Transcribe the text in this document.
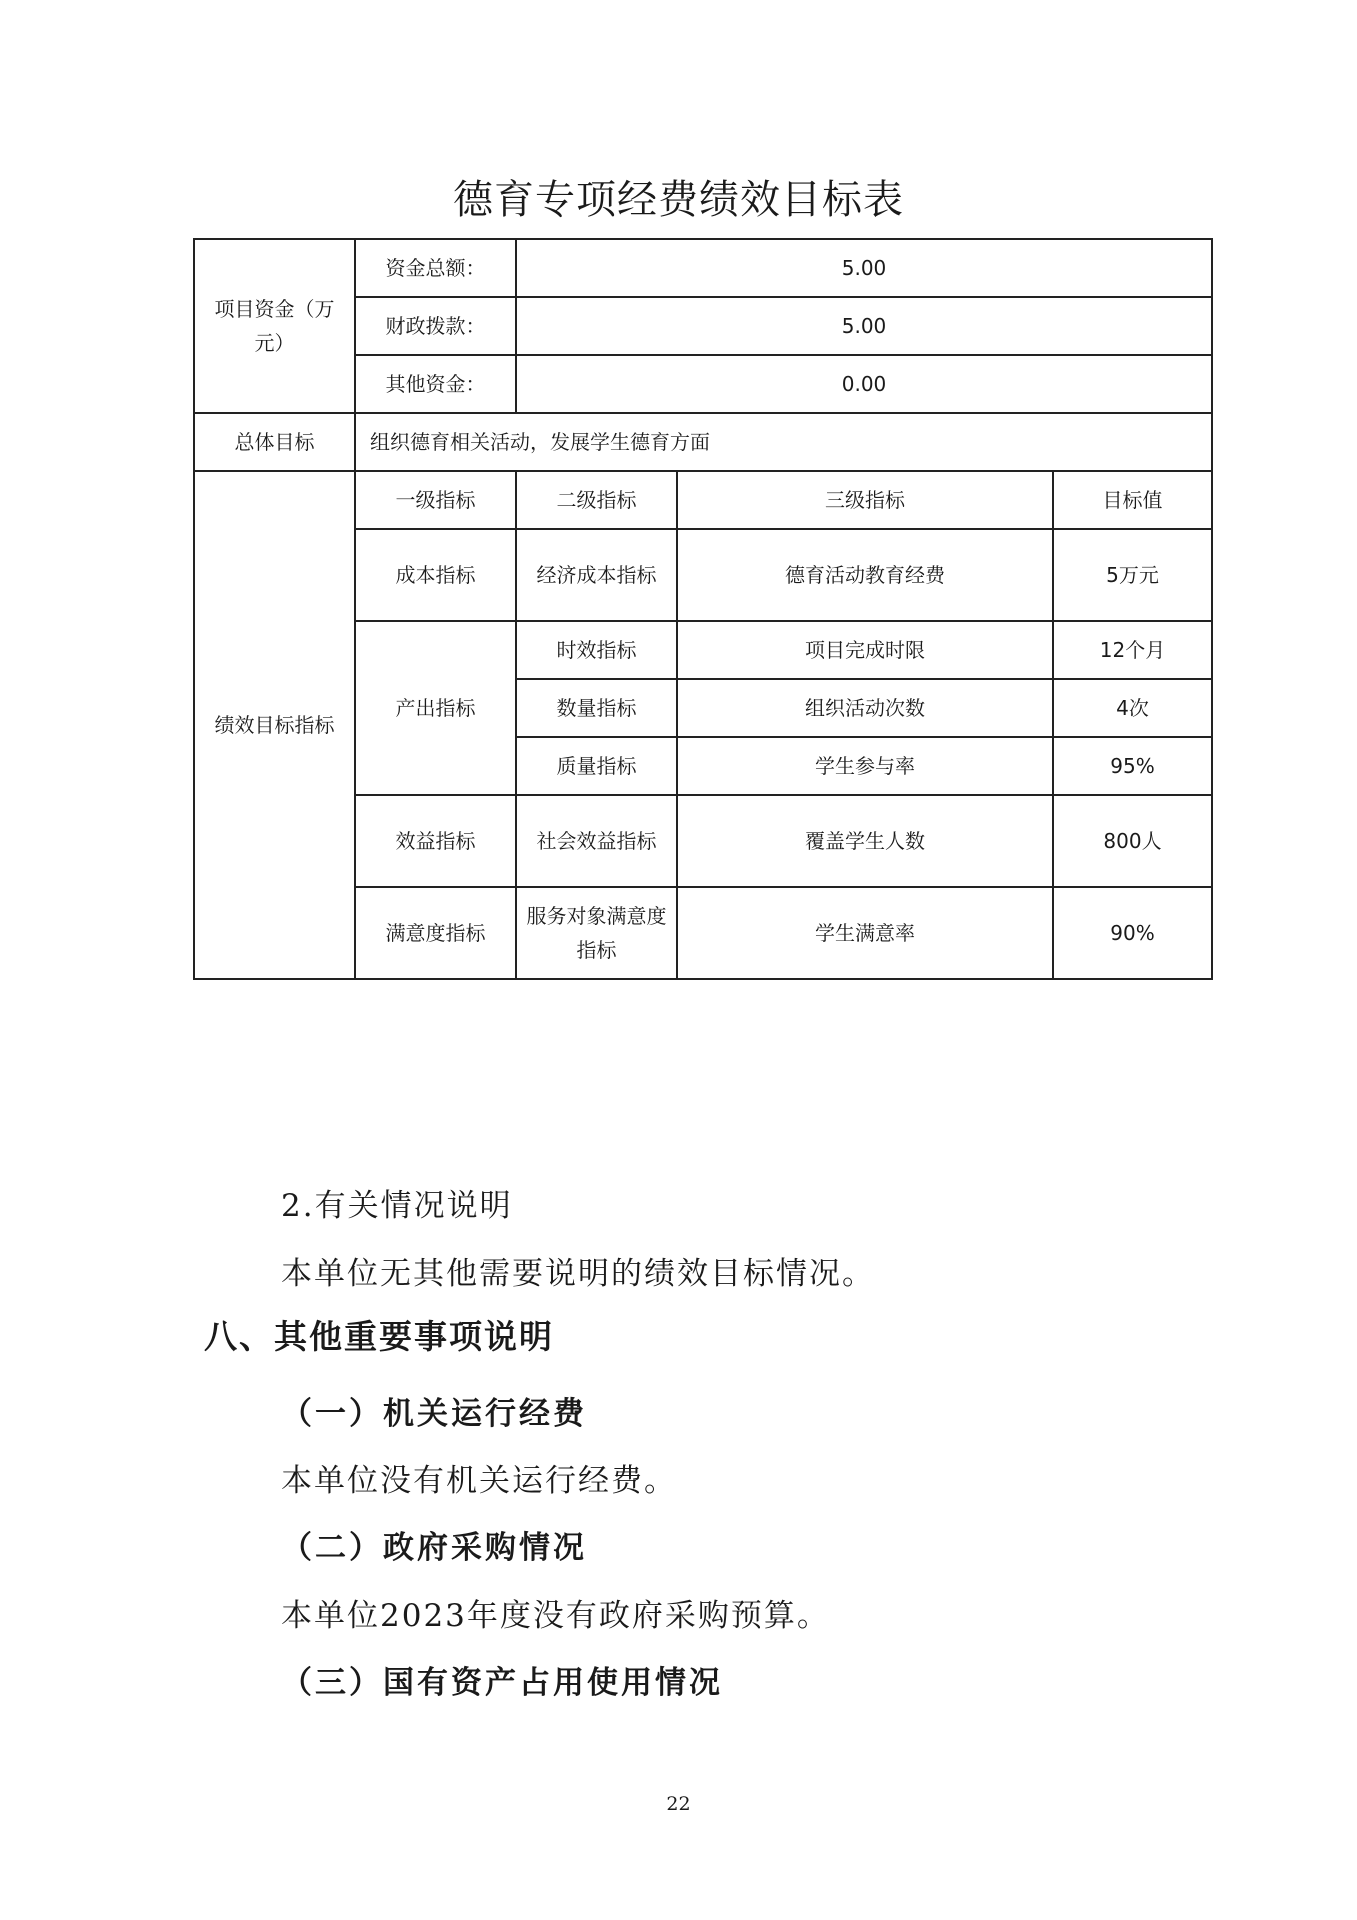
德育专项经费绩效目标表
项目资金（万元）	资金总额：	5.00		
	财政拨款：	5.00		
	其他资金：	0.00		
总体目标	组织德育相关活动，发展学生德育方面			
绩效目标指标	一级指标	二级指标	三级指标	目标值
	成本指标	经济成本指标	德育活动教育经费	5万元
	产出指标	时效指标	项目完成时限	12个月
		数量指标	组织活动次数	4次
		质量指标	学生参与率	95%
	效益指标	社会效益指标	覆盖学生人数	800人
	满意度指标	服务对象满意度指标	学生满意率	90%
2.有关情况说明
本单位无其他需要说明的绩效目标情况。
八、其他重要事项说明
（一）机关运行经费
本单位没有机关运行经费。
（二）政府采购情况
本单位2023年度没有政府采购预算。
（三）国有资产占用使用情况
22
